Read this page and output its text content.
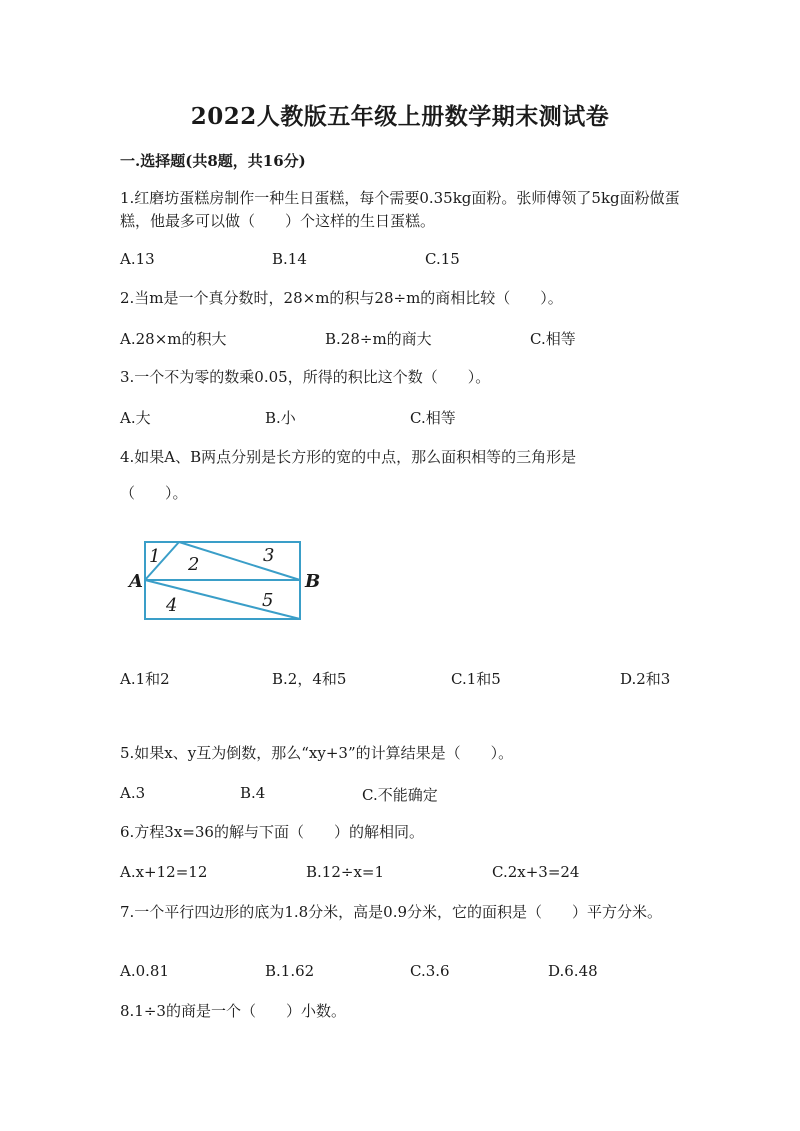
2022人教版五年级上册数学期末测试卷
一.选择题(共8题，共16分)
1.红磨坊蛋糕房制作一种生日蛋糕，每个需要0.35kg面粉。张师傅领了5kg面粉做蛋糕，他最多可以做（　　）个这样的生日蛋糕。
A.13	B.14	C.15
2.当m是一个真分数时，28×m的积与28÷m的商相比较（　　）。
A.28×m的积大	B.28÷m的商大	C.相等
3.一个不为零的数乘0.05，所得的积比这个数（　　）。
A.大	B.小	C.相等
4.如果A、B两点分别是长方形的宽的中点，那么面积相等的三角形是
（　　）。
A	B
1 2	3
4	5
A.1和2	B.2，4和5	C.1和5	D.2和3
5.如果x、y互为倒数，那么“xy+3”的计算结果是（　　）。
A.3	B.4	C.不能确定
6.方程3x=36的解与下面（　　）的解相同。
A.x+12=12	B.12÷x=1	C.2x+3=24
7.一个平行四边形的底为1.8分米，高是0.9分米，它的面积是（　　）平方分米。
A.0.81	B.1.62	C.3.6	D.6.48
8.1÷3的商是一个（　　）小数。
